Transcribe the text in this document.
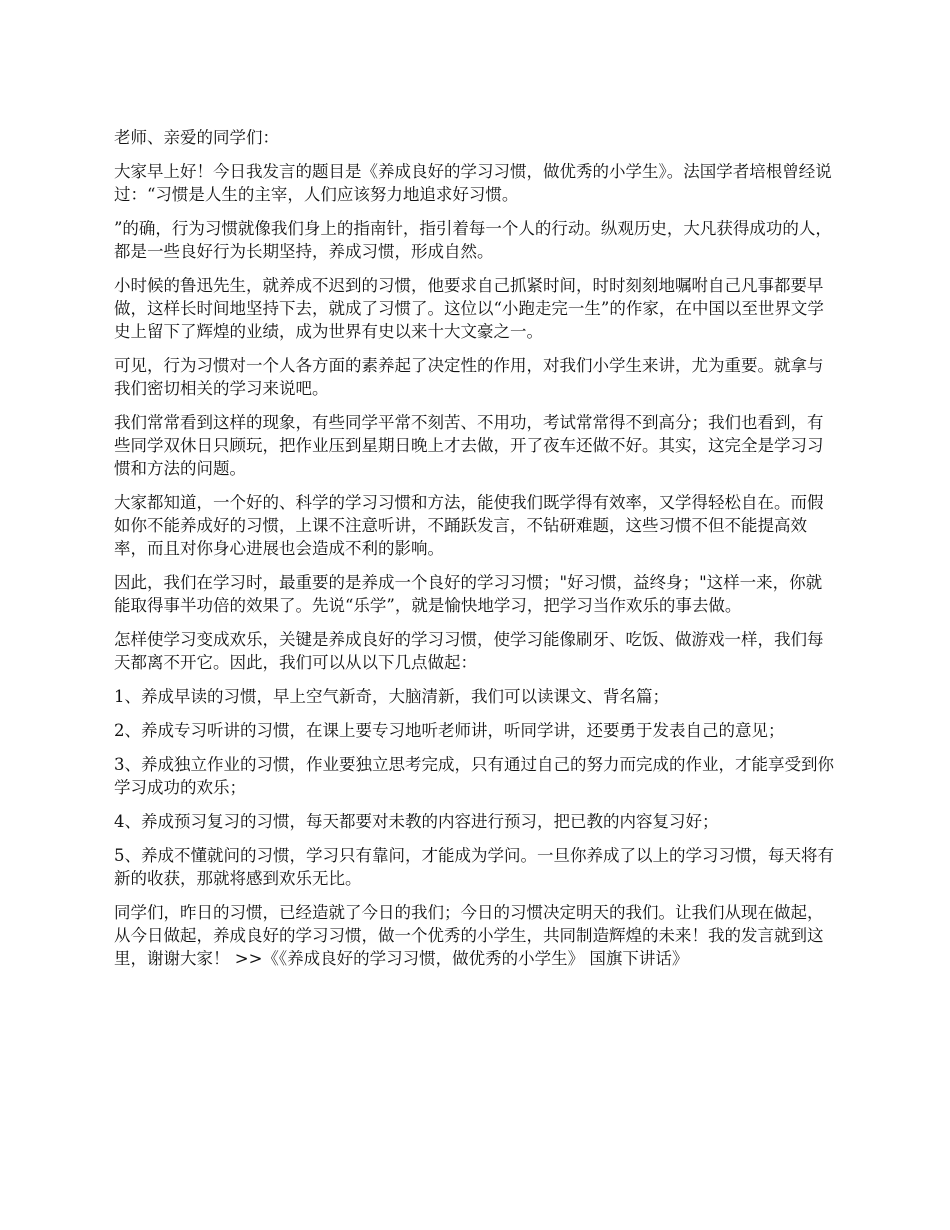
老师、亲爱的同学们：

大家早上好！今日我发言的题目是《养成良好的学习习惯，做优秀的小学生》。法国学者培根曾经说过：“习惯是人生的主宰，人们应该努力地追求好习惯。

”的确，行为习惯就像我们身上的指南针，指引着每一个人的行动。纵观历史，大凡获得成功的人，都是一些良好行为长期坚持，养成习惯，形成自然。

小时候的鲁迅先生，就养成不迟到的习惯，他要求自己抓紧时间，时时刻刻地嘱咐自己凡事都要早做，这样长时间地坚持下去，就成了习惯了。这位以“小跑走完一生”的作家，在中国以至世界文学史上留下了辉煌的业绩，成为世界有史以来十大文豪之一。

可见，行为习惯对一个人各方面的素养起了决定性的作用，对我们小学生来讲，尤为重要。就拿与我们密切相关的学习来说吧。

我们常常看到这样的现象，有些同学平常不刻苦、不用功，考试常常得不到高分；我们也看到，有些同学双休日只顾玩，把作业压到星期日晚上才去做，开了夜车还做不好。其实，这完全是学习习惯和方法的问题。

大家都知道，一个好的、科学的学习习惯和方法，能使我们既学得有效率，又学得轻松自在。而假如你不能养成好的习惯，上课不注意听讲，不踊跃发言，不钻研难题，这些习惯不但不能提高效率，而且对你身心进展也会造成不利的影响。

因此，我们在学习时，最重要的是养成一个良好的学习习惯；"好习惯，益终身；"这样一来，你就能取得事半功倍的效果了。先说“乐学”，就是愉快地学习，把学习当作欢乐的事去做。

怎样使学习变成欢乐，关键是养成良好的学习习惯，使学习能像刷牙、吃饭、做游戏一样，我们每天都离不开它。因此，我们可以从以下几点做起：

1、养成早读的习惯，早上空气新奇，大脑清新，我们可以读课文、背名篇；

2、养成专习听讲的习惯，在课上要专习地听老师讲，听同学讲，还要勇于发表自己的意见；

3、养成独立作业的习惯，作业要独立思考完成，只有通过自己的努力而完成的作业，才能享受到你学习成功的欢乐；

4、养成预习复习的习惯，每天都要对未教的内容进行预习，把已教的内容复习好；

5、养成不懂就问的习惯，学习只有靠问，才能成为学问。一旦你养成了以上的学习习惯，每天将有新的收获，那就将感到欢乐无比。

同学们，昨日的习惯，已经造就了今日的我们；今日的习惯决定明天的我们。让我们从现在做起，从今日做起，养成良好的学习习惯，做一个优秀的小学生，共同制造辉煌的未来！我的发言就到这里，谢谢大家！ >>《《养成良好的学习习惯，做优秀的小学生》 国旗下讲话》
